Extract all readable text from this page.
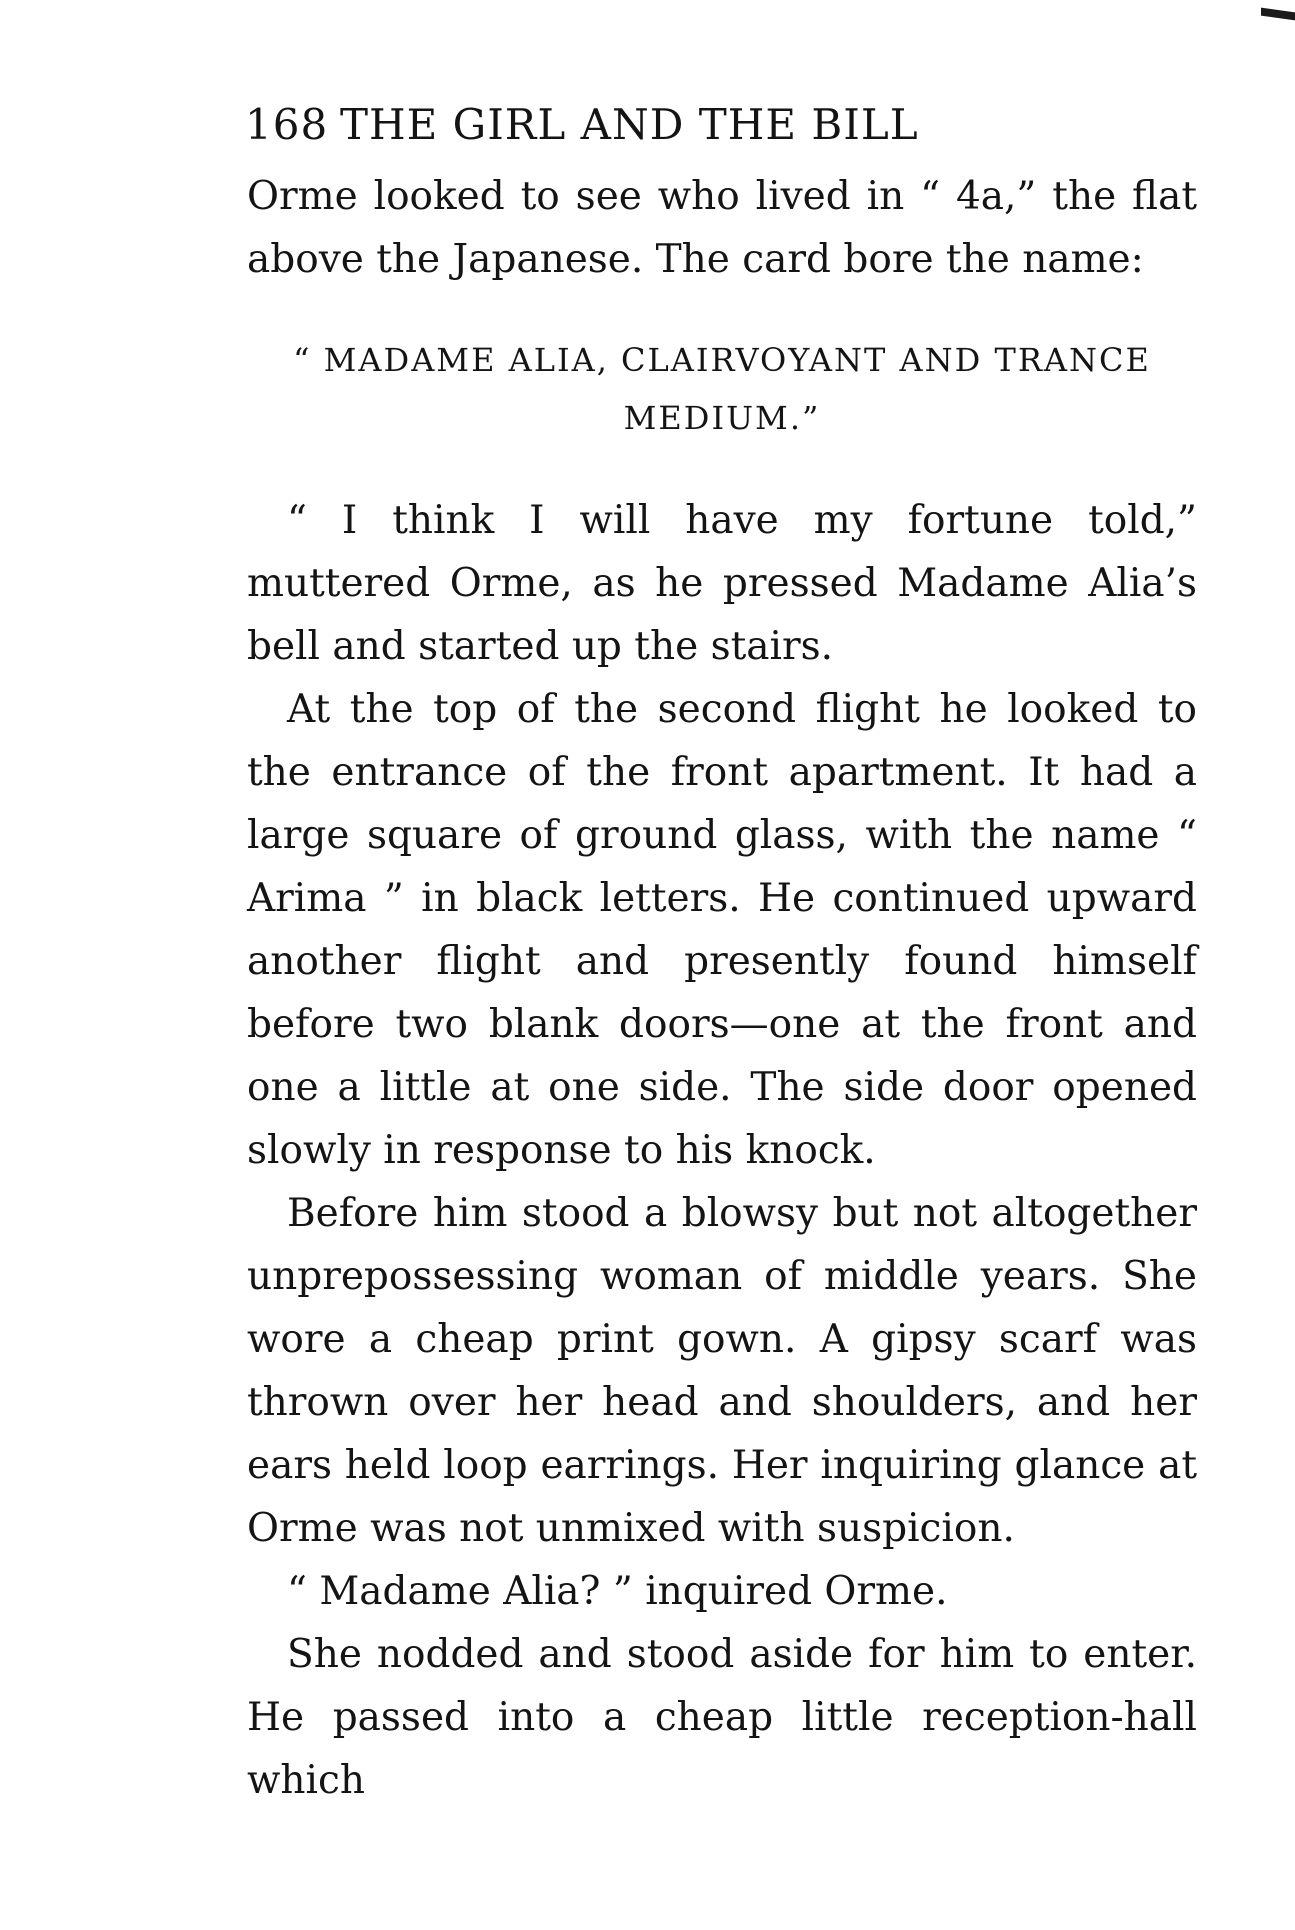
168 THE GIRL AND THE BILL

Orme looked to see who lived in “ 4a,” the flat above the Japanese. The card bore the name:

“ MADAME ALIA, CLAIRVOYANT AND TRANCE
MEDIUM.”

“ I think I will have my fortune told,” muttered Orme, as he pressed Madame Alia’s bell and started up the stairs.

At the top of the second flight he looked to the entrance of the front apartment. It had a large square of ground glass, with the name “ Arima ” in black letters. He continued upward another flight and presently found himself before two blank doors—one at the front and one a little at one side. The side door opened slowly in response to his knock.

Before him stood a blowsy but not altogether unprepossessing woman of middle years. She wore a cheap print gown. A gipsy scarf was thrown over her head and shoulders, and her ears held loop earrings. Her inquiring glance at Orme was not unmixed with suspicion.

“ Madame Alia? ” inquired Orme.

She nodded and stood aside for him to enter. He passed into a cheap little reception-hall which
